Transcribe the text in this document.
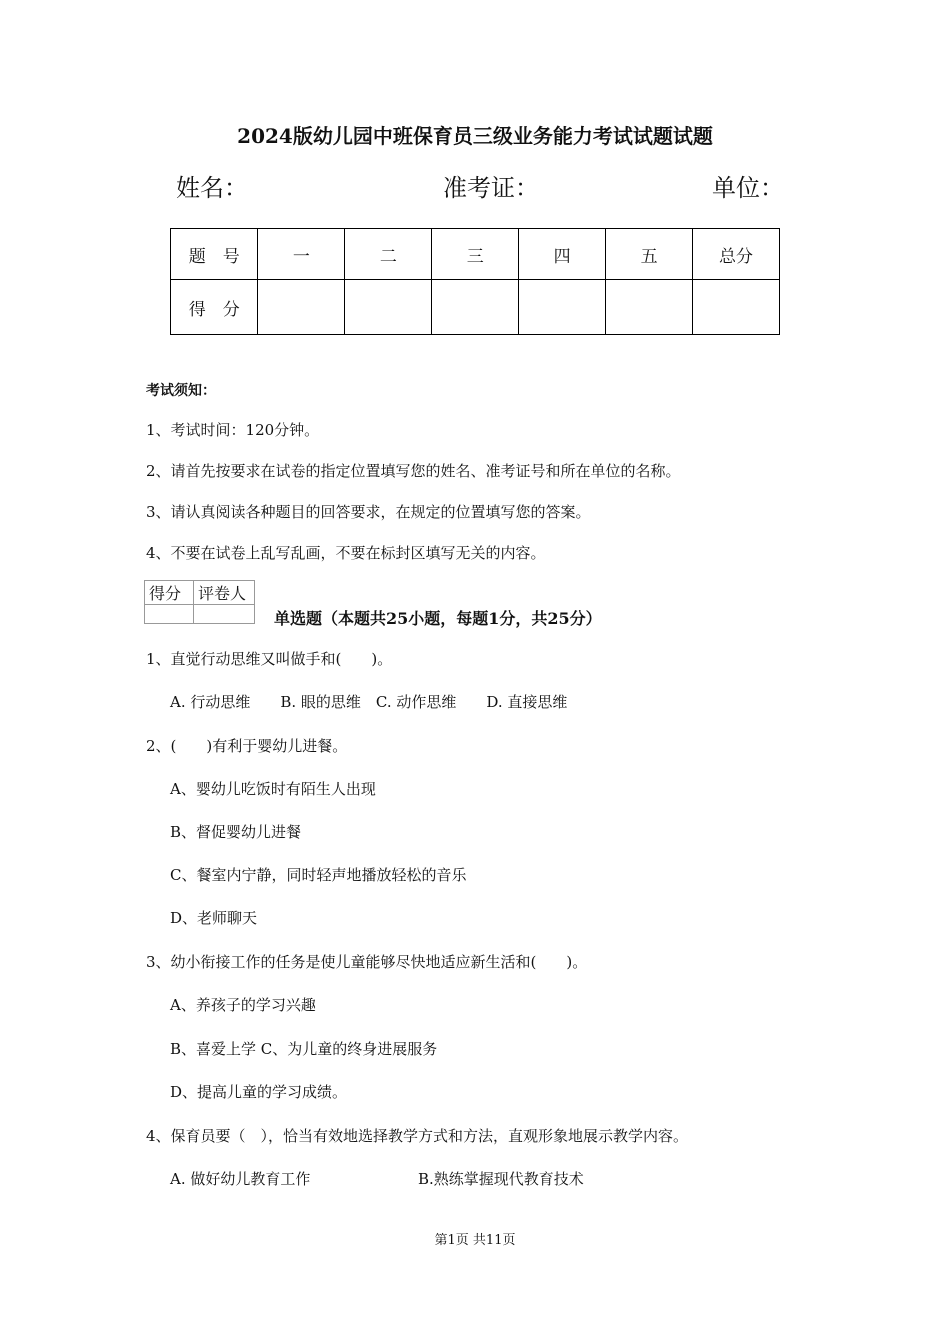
2024版幼儿园中班保育员三级业务能力考试试题试题
姓名：	准考证：	单位：
题　号	一	二	三	四	五	总分
得　分						
考试须知：
1、考试时间：120分钟。
2、请首先按要求在试卷的指定位置填写您的姓名、准考证号和所在单位的名称。
3、请认真阅读各种题目的回答要求，在规定的位置填写您的答案。
4、不要在试卷上乱写乱画，不要在标封区填写无关的内容。
得分	评卷人

单选题（本题共25小题，每题1分，共25分）
1、直觉行动思维又叫做手和(　　)。
A. 行动思维　　B. 眼的思维　C. 动作思维　　D. 直接思维
2、(　　)有利于婴幼儿进餐。
A、婴幼儿吃饭时有陌生人出现
B、督促婴幼儿进餐
C、餐室内宁静，同时轻声地播放轻松的音乐
D、老师聊天
3、幼小衔接工作的任务是使儿童能够尽快地适应新生活和(　　)。
A、养孩子的学习兴趣
B、喜爱上学 C、为儿童的终身进展服务
D、提高儿童的学习成绩。
4、保育员要（　），恰当有效地选择教学方式和方法，直观形象地展示教学内容。
A. 做好幼儿教育工作	B.熟练掌握现代教育技术
第1页 共11页
